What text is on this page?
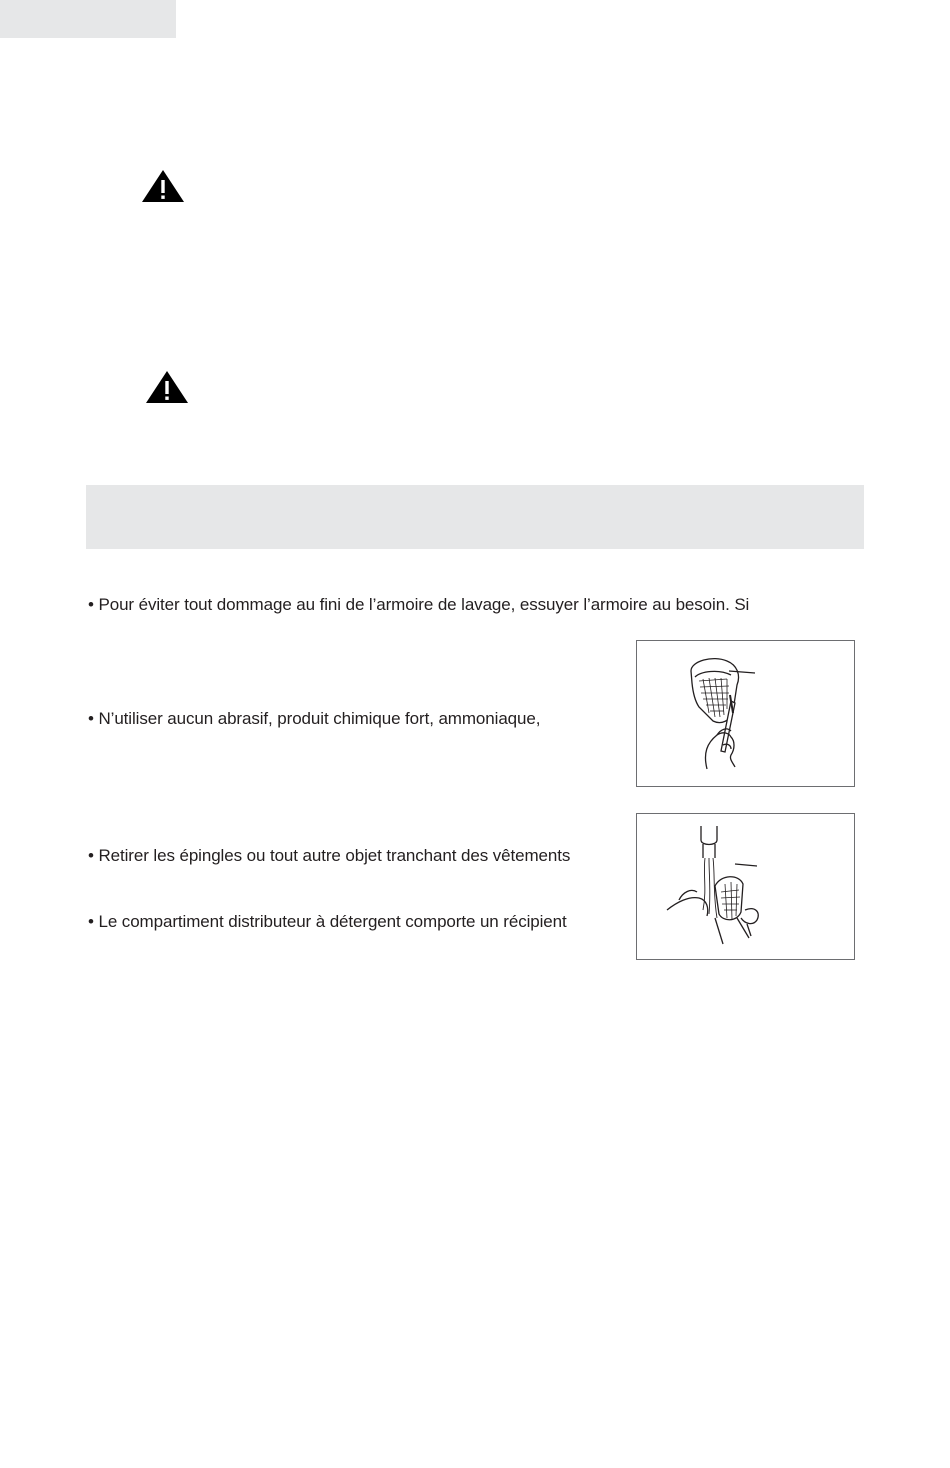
• Pour éviter tout dommage au fini de l’armoire de lavage, essuyer l’armoire au besoin. Si
• N’utiliser aucun abrasif, produit chimique fort, ammoniaque,
• Retirer les épingles ou tout autre objet tranchant des vêtements
• Le compartiment distributeur à détergent comporte un récipient
